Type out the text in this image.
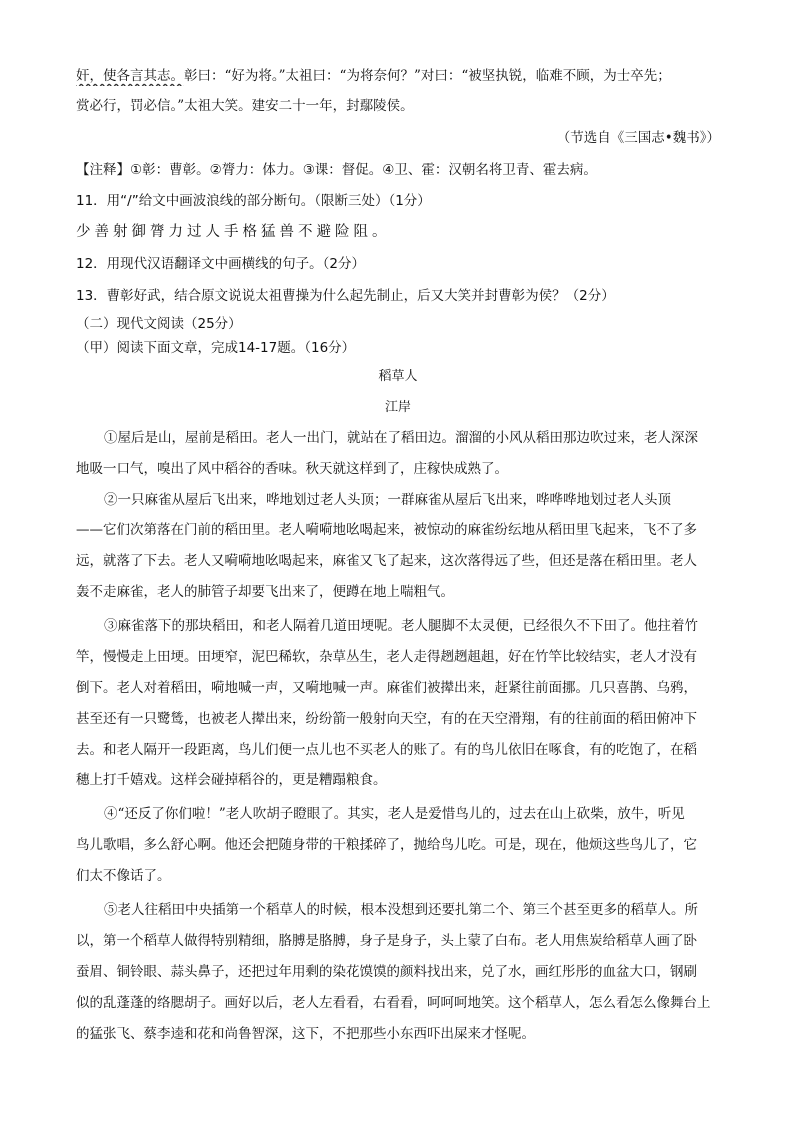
奸，使各言其志。彰曰：“好为将。”太祖曰：“为将奈何？”对曰：“被坚执锐，临难不顾，为士卒先；
赏必行，罚必信。”太祖大笑。建安二十一年，封鄢陵侯。
（节选自《三国志•魏书》）
【注释】①彰：曹彰。②膂力：体力。③课：督促。④卫、霍：汉朝名将卫青、霍去病。
11．用“/”给文中画波浪线的部分断句。（限断三处）（1分）
少善射御膂力过人手格猛兽不避险阻。
12．用现代汉语翻译文中画横线的句子。（2分）
13．曹彰好武，结合原文说说太祖曹操为什么起先制止，后又大笑并封曹彰为侯？（2分）
（二）现代文阅读（25分）
（甲）阅读下面文章，完成14-17题。（16分）
稻草人
江岸
①屋后是山，屋前是稻田。老人一出门，就站在了稻田边。溜溜的小风从稻田那边吹过来，老人深深
地吸一口气，嗅出了风中稻谷的香味。秋天就这样到了，庄稼快成熟了。
②一只麻雀从屋后飞出来，哗地划过老人头顶；一群麻雀从屋后飞出来，哗哗哗地划过老人头顶
——它们次第落在门前的稻田里。老人嗬嗬地吆喝起来，被惊动的麻雀纷纭地从稻田里飞起来，飞不了多
远，就落了下去。老人又嗬嗬地吆喝起来，麻雀又飞了起来，这次落得远了些，但还是落在稻田里。老人
轰不走麻雀，老人的肺管子却要飞出来了，便蹲在地上喘粗气。
③麻雀落下的那块稻田，和老人隔着几道田埂呢。老人腿脚不太灵便，已经很久不下田了。他拄着竹
竿，慢慢走上田埂。田埂窄，泥巴稀软，杂草丛生，老人走得趔趔趄趄，好在竹竿比较结实，老人才没有
倒下。老人对着稻田，嗬地喊一声，又嗬地喊一声。麻雀们被撵出来，赶紧往前面挪。几只喜鹊、乌鸦，
甚至还有一只鹭鸶，也被老人撵出来，纷纷箭一般射向天空，有的在天空滑翔，有的往前面的稻田俯冲下
去。和老人隔开一段距离，鸟儿们便一点儿也不买老人的账了。有的鸟儿依旧在啄食，有的吃饱了，在稻
穗上打千嬉戏。这样会碰掉稻谷的，更是糟蹋粮食。
④“还反了你们啦！”老人吹胡子瞪眼了。其实，老人是爱惜鸟儿的，过去在山上砍柴，放牛，听见
鸟儿歌唱，多么舒心啊。他还会把随身带的干粮揉碎了，抛给鸟儿吃。可是，现在，他烦这些鸟儿了，它
们太不像话了。
⑤老人往稻田中央插第一个稻草人的时候，根本没想到还要扎第二个、第三个甚至更多的稻草人。所
以，第一个稻草人做得特别精细，胳膊是胳膊，身子是身子，头上蒙了白布。老人用焦炭给稻草人画了卧
蚕眉、铜铃眼、蒜头鼻子，还把过年用剩的染花馍馍的颜料找出来，兑了水，画红彤彤的血盆大口，钢刷
似的乱蓬蓬的络腮胡子。画好以后，老人左看看，右看看，呵呵呵地笑。这个稻草人，怎么看怎么像舞台上
的猛张飞、蔡李逵和花和尚鲁智深，这下，不把那些小东西吓出屎来才怪呢。
